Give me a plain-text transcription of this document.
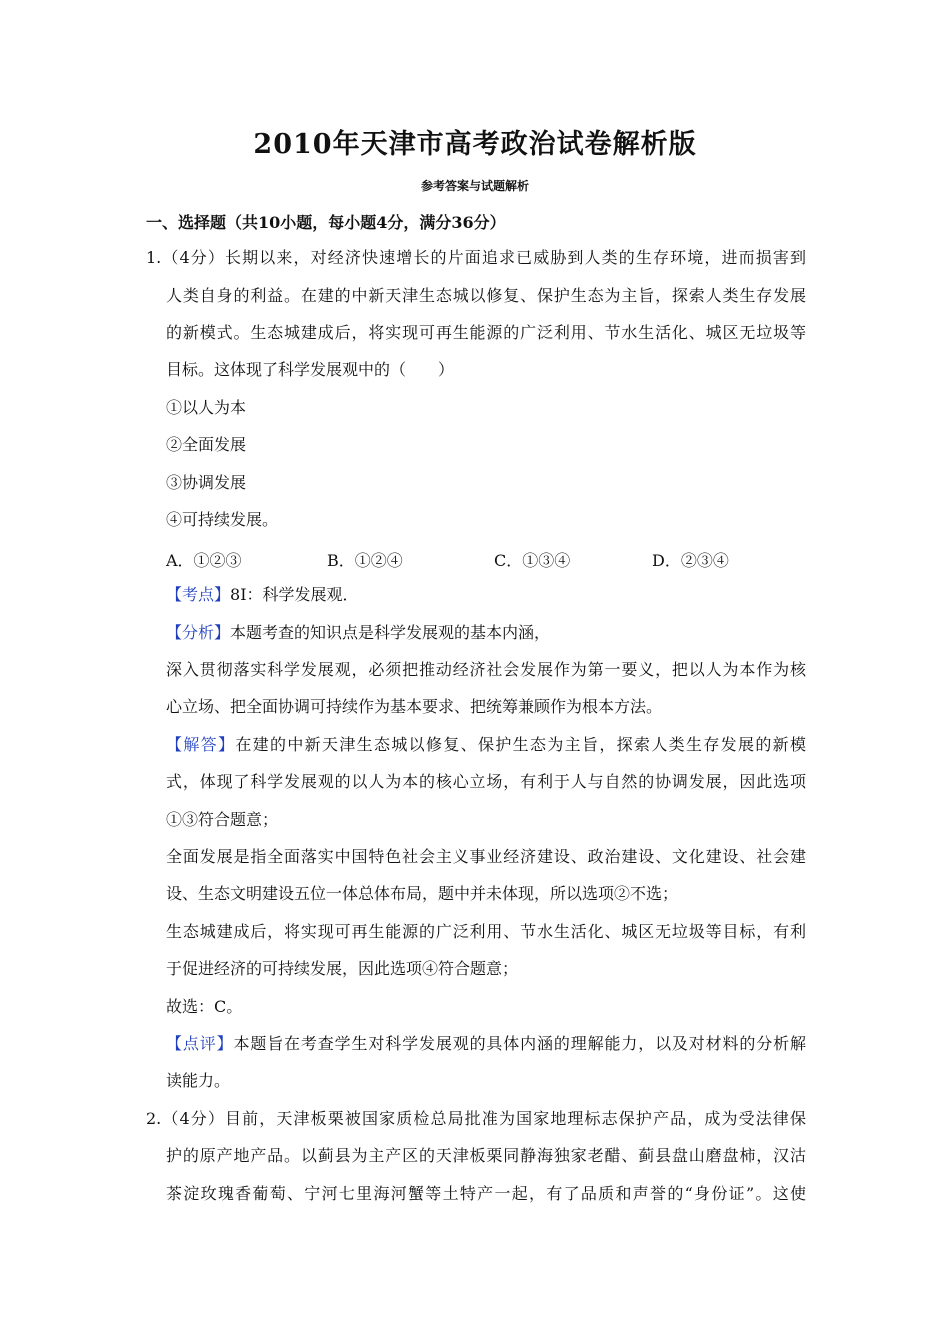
2010年天津市高考政治试卷解析版
参考答案与试题解析
一、选择题（共10小题，每小题4分，满分36分）
1.（4分）长期以来，对经济快速增长的片面追求已威胁到人类的生存环境，进而损害到
人类自身的利益。在建的中新天津生态城以修复、保护生态为主旨，探索人类生存发展
的新模式。生态城建成后，将实现可再生能源的广泛利用、节水生活化、城区无垃圾等
目标。这体现了科学发展观中的（　　）
①以人为本
②全面发展
③协调发展
④可持续发展。
A．①②③	B．①②④	C．①③④	D．②③④
【考点】8I：科学发展观．
【分析】本题考查的知识点是科学发展观的基本内涵，
深入贯彻落实科学发展观，必须把推动经济社会发展作为第一要义，把以人为本作为核
心立场、把全面协调可持续作为基本要求、把统筹兼顾作为根本方法。
【解答】在建的中新天津生态城以修复、保护生态为主旨，探索人类生存发展的新模
式，体现了科学发展观的以人为本的核心立场，有利于人与自然的协调发展，因此选项
①③符合题意；
全面发展是指全面落实中国特色社会主义事业经济建设、政治建设、文化建设、社会建
设、生态文明建设五位一体总体布局，题中并未体现，所以选项②不选；
生态城建成后，将实现可再生能源的广泛利用、节水生活化、城区无垃圾等目标，有利
于促进经济的可持续发展，因此选项④符合题意；
故选：C。
【点评】本题旨在考查学生对科学发展观的具体内涵的理解能力，以及对材料的分析解
读能力。
2.（4分）目前，天津板栗被国家质检总局批准为国家地理标志保护产品，成为受法律保
护的原产地产品。以蓟县为主产区的天津板栗同静海独家老醋、蓟县盘山磨盘柿，汉沽
茶淀玫瑰香葡萄、宁河七里海河蟹等土特产一起，有了品质和声誉的“身份证”。这使
